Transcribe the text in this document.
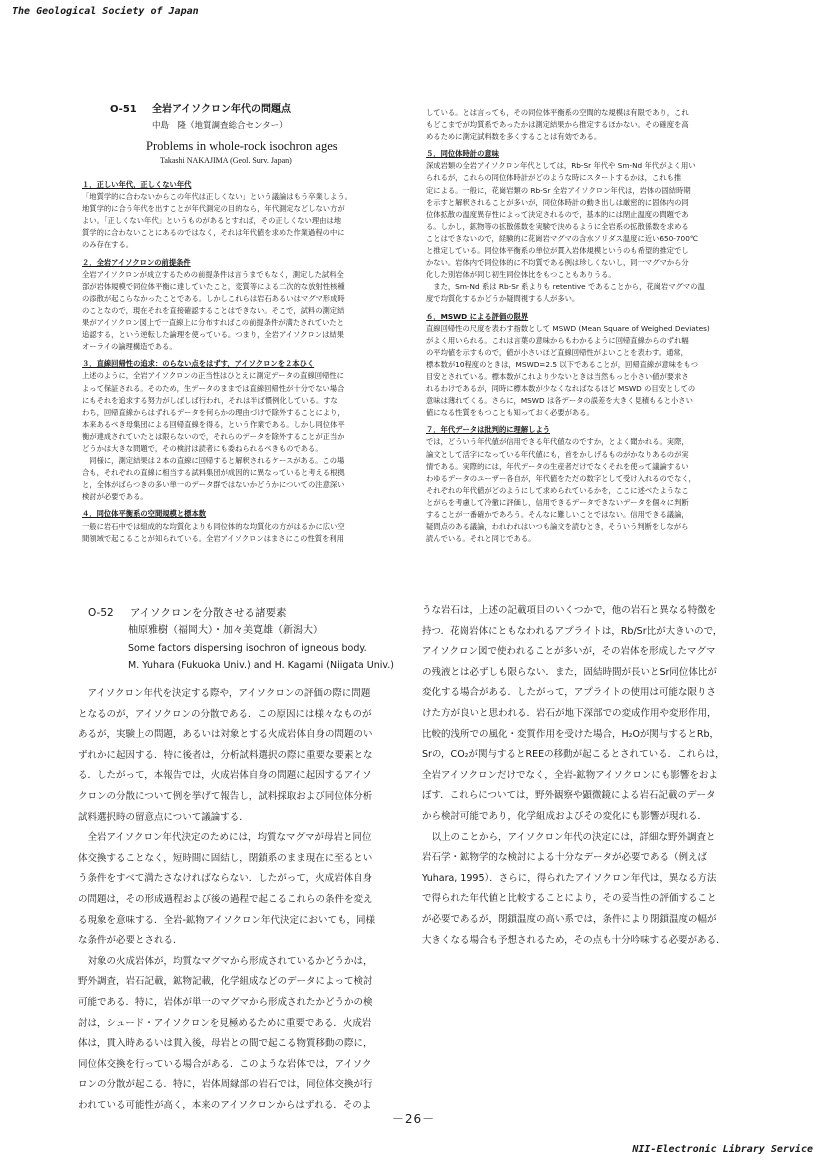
The Geological Society of Japan

O-51 全岩アイソクロン年代の問題点

中島　隆（地質調査総合センター）

Problems in whole-rock isochron ages

Takashi NAKAJIMA (Geol. Surv. Japan)

１．正しい年代，正しくない年代

「地質学的に合わないからこの年代は正しくない」という議論はもう卒業しよう。

地質学的に合う年代を出すことが年代測定の目的なら，年代測定などしない方が

よい。「正しくない年代」というものがあるとすれば，その正しくない理由は地

質学的に合わないことにあるのではなく，それは年代値を求めた作業過程の中に

のみ存在する。

２．全岩アイソクロンの前提条件

全岩アイソクロンが成立するための前提条件は言うまでもなく，測定した試料全

部が岩体規模で同位体平衡に達していたこと，変質等による二次的な放射性核種

の添散が起こらなかったことである。しかしこれらは岩石あるいはマグマ形成時

のことなので，現在それを直接確認することはできない。そこで，試料の測定結

果がアイソクロン図上で一直線上に分布すればこの前提条件が満たされていたと

追認する，という逆転した論理を使っている。つまり，全岩アイソクロンは結果

オーライの論理構造である。

３．直線回帰性の追求：のらない点をはずす，アイソクロンを２本ひく

上述のように，全岩アイソクロンの正当性はひとえに測定データの直線回帰性に

よって保証される。そのため，生データのままでは直線回帰性が十分でない場合

にもそれを追求する努力がしばしば行われ，それは半ば慣例化している。すな

わち，回帰直線からはずれるデータを何らかの理由づけで除外することにより，

本来あるべき母集団による回帰直線を得る，という作業である。しかし同位体平

衡が達成されていたとは限らないので，それらのデータを除外することが正当か

どうかは大きな問題で，その検討は読者にも委ねられるべきものである。

　同様に，測定結果は２本の直線に回帰すると解釈されるケースがある。この場

合も，それぞれの直線に相当する試料集団が成因的に異なっていると考える根拠

と，全体がばらつきの多い単一のデータ群ではないかどうかについての注意深い

検討が必要である。

４．同位体平衡系の空間規模と標本数

一般に岩石中では組成的な均質化よりも同位体的な均質化の方がはるかに広い空

間領域で起こることが知られている。全岩アイソクロンはまさにこの性質を利用

している。とは言っても，その同位体平衡系の空間的な規模は有限であり，これ

もどこまでが均質系であったかは測定結果から推定するほかない。その確度を高

めるために測定試料数を多くすることは有効である。

５．同位体時計の意味

深成岩類の全岩アイソクロン年代としては，Rb-Sr 年代や Sm-Nd 年代がよく用い

られるが，これらの同位体時計がどのような時にスタートするかは，これも推

定による。一般に，花崗岩類の Rb-Sr 全岩アイソクロン年代は，岩体の固結時期

を示すと解釈されることが多いが，同位体時計の動き出しは厳密的に固体内の同

位体拡散の温度異存性によって決定されるので，基本的には閉止温度の問題であ

る。しかし，鉱物等の拡散係数を実験で決めるように全岩系の拡散係数を求める

ことはできないので，経験的に花崗岩マグマの含水ソリダス温度に近い650-700℃

と推定している。同位体平衡系の単位が貫入岩体規模というのも希望的推定でし

かない。岩体内で同位体的に不均質である例は珍しくないし，同一マグマから分

化した別岩体が同じ初生同位体比をもつこともありうる。

　また，Sm-Nd 系は Rb-Sr 系よりも retentive であることから，花崗岩マグマの温

度で均質化するかどうか疑問視する人が多い。

６．MSWD による評価の限界

直線回帰性の尺度を表わす指数として MSWD (Mean Square of Weighed Deviates)

がよく用いられる。これは言葉の意味からもわかるように回帰直線からのずれ幅

の平均値を示すもので，値が小さいほど直線回帰性がよいことを表わす。通常，

標本数が10程度のときは，MSWD=2.5 以下であることが，回帰直線が意味をもつ

目安とされている。標本数がこれより少ないときは当然もっと小さい値が要求さ

れるわけであるが，同時に標本数が少なくなればなるほど MSWD の目安としての

意味は薄れてくる。さらに，MSWD は各データの誤差を大きく見積もると小さい

値になる性質をもつことも知っておく必要がある。

７．年代データは批判的に理解しよう

では，どういう年代値が信用できる年代値なのですか，とよく聞かれる。実際，

論文として活字になっている年代値にも，首をかしげるものがかなりあるのが実

情である。実際的には，年代データの生産者だけでなくそれを使って議論するい

わゆるデータのユーザー各自が，年代値をただの数字として受け入れるのでなく，

それぞれの年代値がどのようにして求められているかを，ここに述べたようなこ

とがらを考慮して冷徹に評価し，信用できるデータできないデータを個々に判断

することが一番確かであろう。そんなに難しいことではない。信用できる議論，

疑問点のある議論，われわれはいつも論文を読むとき，そういう判断をしながら

読んでいる。それと同じである。

O-52 アイソクロンを分散させる諸要素

柚原雅樹（福岡大）・加々美寛雄（新潟大）

Some factors dispersing isochron of igneous body.

M. Yuhara (Fukuoka Univ.) and H. Kagami (Niigata Univ.)

　アイソクロン年代を決定する際や，アイソクロンの評価の際に問題

となるのが，アイソクロンの分散である．この原因には様々なものが

あるが，実験上の問題，あるいは対象とする火成岩体自身の問題のい

ずれかに起因する．特に後者は，分析試料選択の際に重要な要素とな

る．したがって，本報告では，火成岩体自身の問題に起因するアイソ

クロンの分散について例を挙げて報告し，試料採取および同位体分析

試料選択時の留意点について議論する．

　全岩アイソクロン年代決定のためには，均質なマグマが母岩と同位

体交換することなく，短時間に固結し，閉鎖系のまま現在に至るとい

う条件をすべて満たさなければならない．したがって，火成岩体自身

の問題は，その形成過程および後の過程で起こるこれらの条件を変え

る現象を意味する．全岩-鉱物アイソクロン年代決定においても，同様

な条件が必要とされる．

　対象の火成岩体が，均質なマグマから形成されているかどうかは，

野外調査，岩石記載，鉱物記載，化学組成などのデータによって検討

可能である．特に，岩体が単一のマグマから形成されたかどうかの検

討は，シュード・アイソクロンを見極めるために重要である．火成岩

体は，貫入時あるいは貫入後，母岩との間で起こる物質移動の際に，

同位体交換を行っている場合がある．このような岩体では，アイソク

ロンの分散が起こる．特に，岩体周縁部の岩石では，同位体交換が行

われている可能性が高く，本来のアイソクロンからはずれる．そのよ

うな岩石は，上述の記載項目のいくつかで，他の岩石と異なる特徴を

持つ．花崗岩体にともなわれるアプライトは，Rb/Sr比が大きいので，

アイソクロン図で使われることが多いが，その岩体を形成したマグマ

の残液とは必ずしも限らない．また，固結時間が長いとSr同位体比が

変化する場合がある．したがって，アプライトの使用は可能な限りさ

けた方が良いと思われる．岩石が地下深部での変成作用や変形作用，

比較的浅所での風化・変質作用を受けた場合，H₂Oが関与するとRb，

Srの，CO₂が関与するとREEの移動が起こるとされている．これらは，

全岩アイソクロンだけでなく，全岩-鉱物アイソクロンにも影響をおよ

ぼす．これらについては，野外観察や顕微鏡による岩石記載のデータ

から検討可能であり，化学組成およびその変化にも影響が現れる．

　以上のことから，アイソクロン年代の決定には，詳細な野外調査と

岩石学・鉱物学的な検討による十分なデータが必要である（例えば

Yuhara, 1995）．さらに，得られたアイソクロン年代は，異なる方法

で得られた年代値と比較することにより，その妥当性の評価すること

が必要であるが，閉鎖温度の高い系では，条件により閉鎖温度の幅が

大きくなる場合も予想されるため，その点も十分吟味する必要がある．

－26－
NII-Electronic Library Service
